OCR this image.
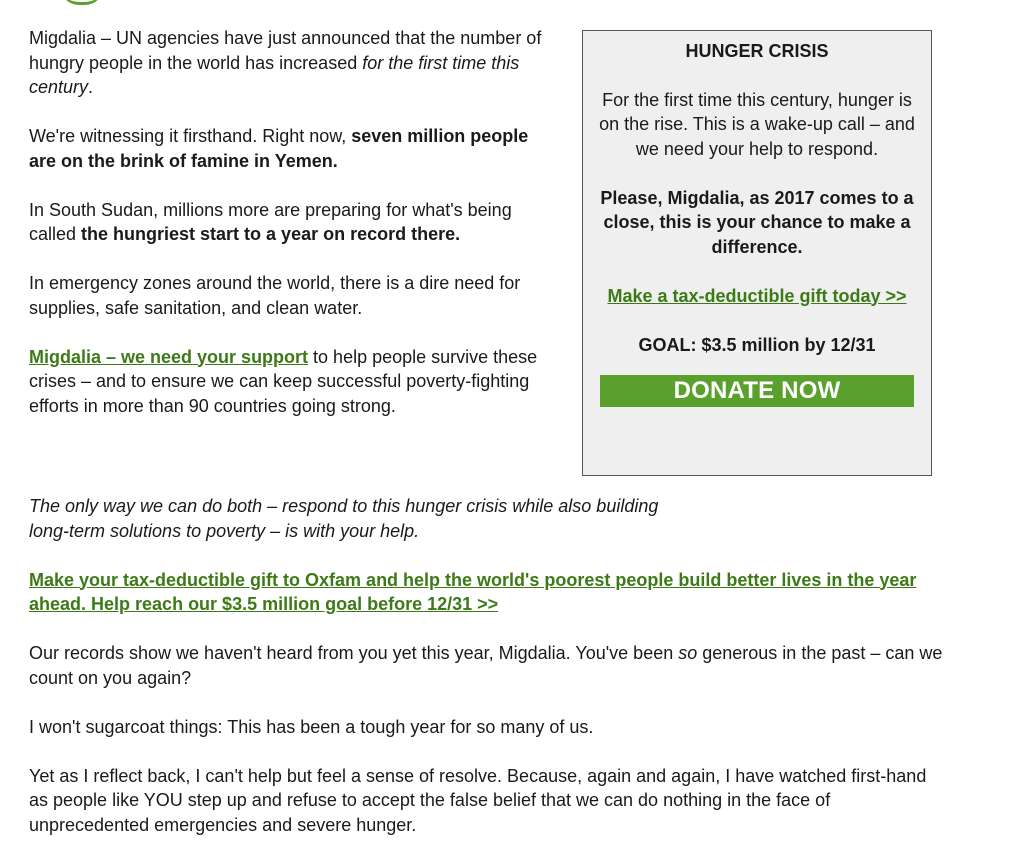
Migdalia – UN agencies have just announced that the number of hungry people in the world has increased for the first time this century.

We're witnessing it firsthand. Right now, seven million people are on the brink of famine in Yemen.

In South Sudan, millions more are preparing for what's being called the hungriest start to a year on record there.

In emergency zones around the world, there is a dire need for supplies, safe sanitation, and clean water.

Migdalia – we need your support to help people survive these crises – and to ensure we can keep successful poverty-fighting efforts in more than 90 countries going strong.

HUNGER CRISIS

For the first time this century, hunger is on the rise. This is a wake-up call – and we need your help to respond.

Please, Migdalia, as 2017 comes to a close, this is your chance to make a difference.

Make a tax-deductible gift today >>

GOAL: $3.5 million by 12/31

DONATE NOW

The only way we can do both – respond to this hunger crisis while also building long-term solutions to poverty – is with your help.

Make your tax-deductible gift to Oxfam and help the world's poorest people build better lives in the year ahead. Help reach our $3.5 million goal before 12/31 >>

Our records show we haven't heard from you yet this year, Migdalia. You've been so generous in the past – can we count on you again?

I won't sugarcoat things: This has been a tough year for so many of us.

Yet as I reflect back, I can't help but feel a sense of resolve. Because, again and again, I have watched first-hand as people like YOU step up and refuse to accept the false belief that we can do nothing in the face of unprecedented emergencies and severe hunger.
